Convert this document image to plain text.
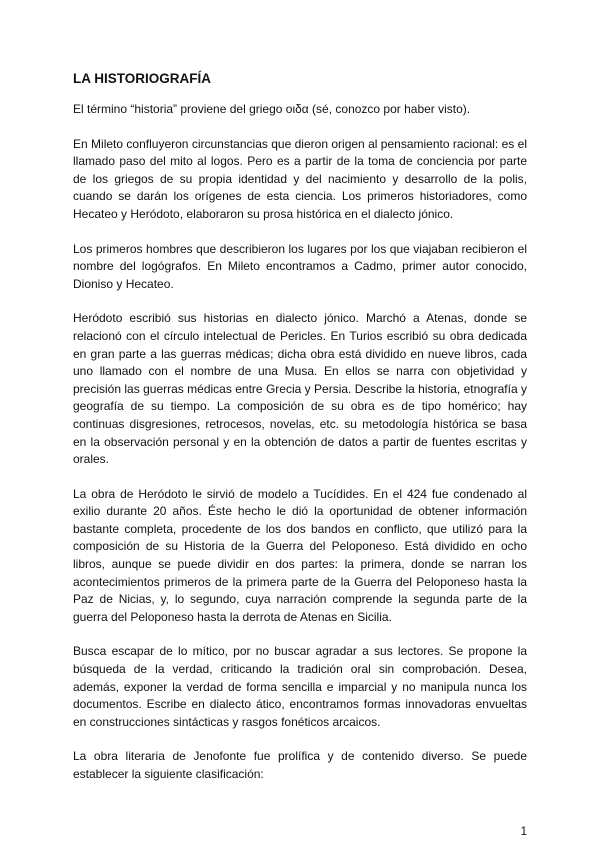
LA HISTORIOGRAFÍA

El término “historia” proviene del griego οιδα (sé, conozco por haber visto).

En Mileto confluyeron circunstancias que dieron origen al pensamiento racional: es el llamado paso del mito al logos. Pero es a partir de la toma de conciencia por parte de los griegos de su propia identidad y del nacimiento y desarrollo de la polis, cuando se darán los orígenes de esta ciencia. Los primeros historiadores, como Hecateo y Heródoto, elaboraron su prosa histórica en el dialecto jónico.

Los primeros hombres que describieron los lugares por los que viajaban recibieron el nombre del logógrafos. En Mileto encontramos a Cadmo, primer autor conocido, Dioniso y Hecateo.

Heródoto escribió sus historias en dialecto jónico. Marchó a Atenas, donde se relacionó con el círculo intelectual de Pericles. En Turios escribió su obra dedicada en gran parte a las guerras médicas; dicha obra está dividido en nueve libros, cada uno llamado con el nombre de una Musa. En ellos se narra con objetividad y precisión las guerras médicas entre Grecia y Persia. Describe la historia, etnografía y geografía de su tiempo. La composición de su obra es de tipo homérico; hay continuas disgresiones, retrocesos, novelas, etc. su metodología histórica se basa en la observación personal y en la obtención de datos a partir de fuentes escritas y orales.

La obra de Heródoto le sirvió de modelo a Tucídides. En el 424 fue condenado al exilio durante 20 años. Éste hecho le dió la oportunidad de obtener información bastante completa, procedente de los dos bandos en conflicto, que utilizó para la composición de su Historia de la Guerra del Peloponeso. Está dividido en ocho libros, aunque se puede dividir en dos partes: la primera, donde se narran los acontecimientos primeros de la primera parte de la Guerra del Peloponeso hasta la Paz de Nicias, y, lo segundo, cuya narración comprende la segunda parte de la guerra del Peloponeso hasta la derrota de Atenas en Sicilia.

Busca escapar de lo mítico, por no buscar agradar a sus lectores. Se propone la búsqueda de la verdad, criticando la tradición oral sin comprobación. Desea, además, exponer la verdad de forma sencilla e imparcial y no manipula nunca los documentos. Escribe en dialecto ático, encontramos formas innovadoras envueltas en construcciones sintácticas y rasgos fonéticos arcaicos.

La obra literaria de Jenofonte fue prolífica y de contenido diverso. Se puede establecer la siguiente clasificación:

1
